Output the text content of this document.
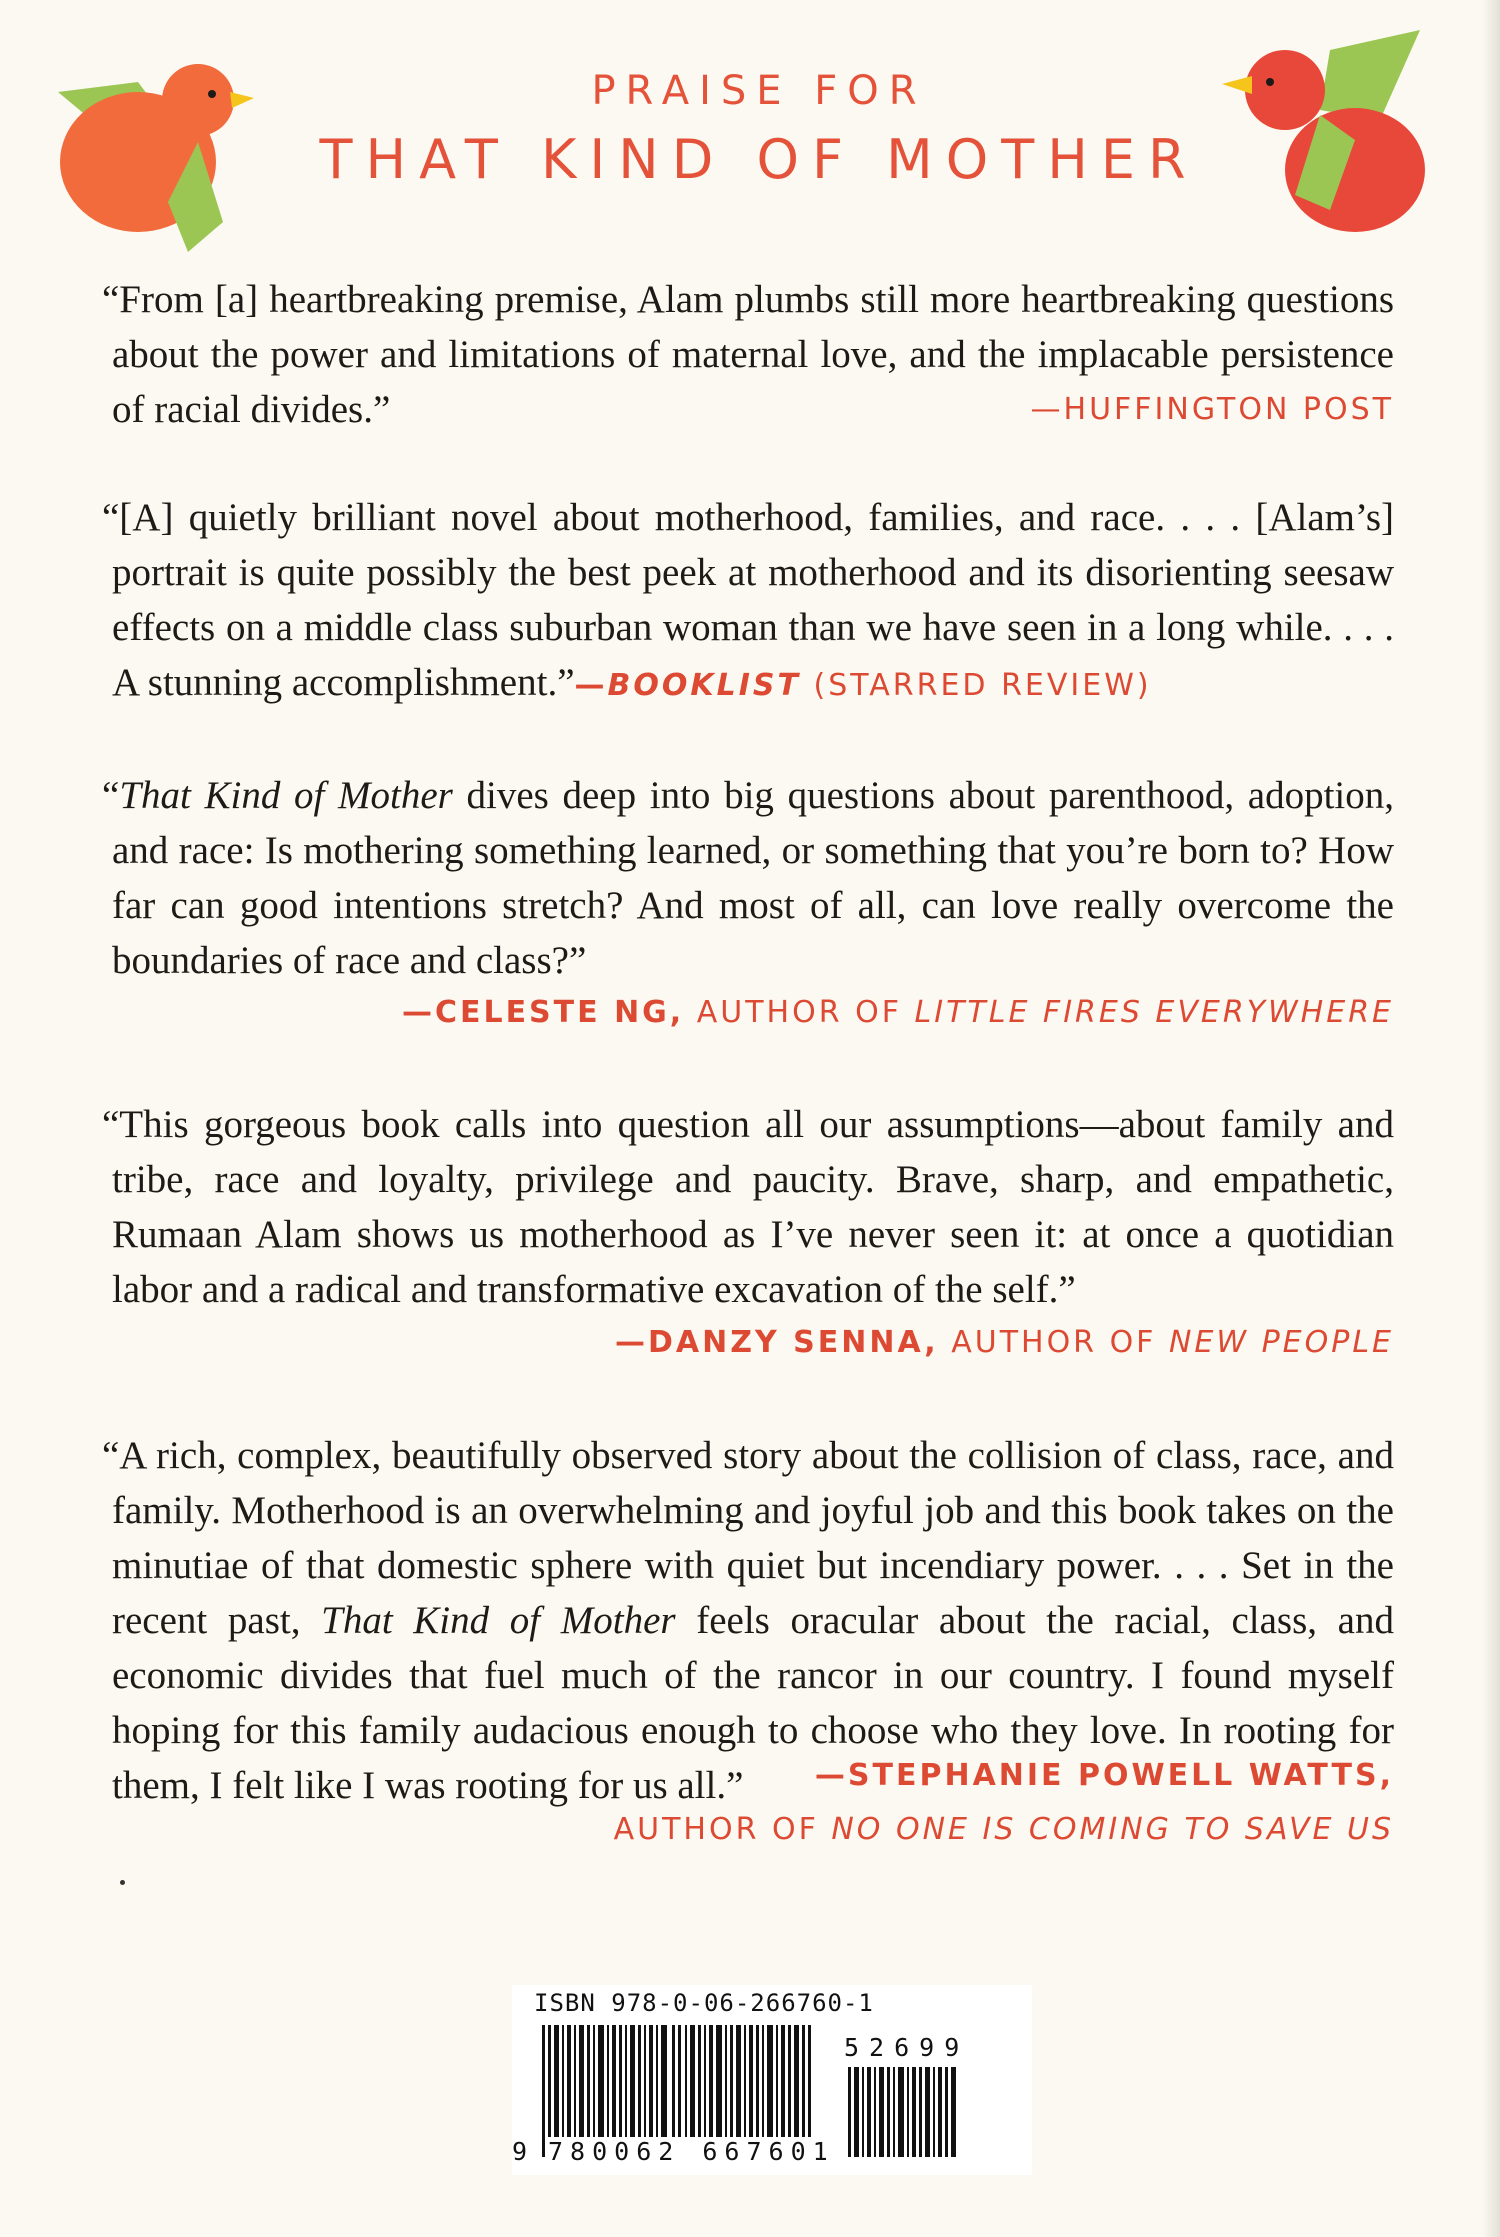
PRAISE FOR
THAT KIND OF MOTHER
“From [a] heartbreaking premise, Alam plumbs still more heartbreaking questions about the power and limitations of maternal love, and the implacable persistence of racial divides.”	—HUFFINGTON POST
“[A] quietly brilliant novel about motherhood, families, and race. . . . [Alam’s] portrait is quite possibly the best peek at motherhood and its disorienting seesaw effects on a middle class suburban woman than we have seen in a long while. . . . A stunning accomplishment.”—BOOKLIST (STARRED REVIEW)
“That Kind of Mother dives deep into big questions about parenthood, adoption, and race: Is mothering something learned, or something that you’re born to? How far can good intentions stretch? And most of all, can love really overcome the boundaries of race and class?”
—CELESTE NG, AUTHOR OF LITTLE FIRES EVERYWHERE
“This gorgeous book calls into question all our assumptions—about family and tribe, race and loyalty, privilege and paucity. Brave, sharp, and empathetic, Rumaan Alam shows us motherhood as I’ve never seen it: at once a quotidian labor and a radical and transformative excavation of the self.”
—DANZY SENNA, AUTHOR OF NEW PEOPLE
“A rich, complex, beautifully observed story about the collision of class, race, and family. Motherhood is an overwhelming and joyful job and this book takes on the minutiae of that domestic sphere with quiet but incendiary power. . . . Set in the recent past, That Kind of Mother feels oracular about the racial, class, and economic divides that fuel much of the rancor in our country. I found myself hoping for this family audacious enough to choose who they love. In rooting for them, I felt like I was rooting for us all.”
AUTHOR OF NO ONE IS COMING TO SAVE US
—STEPHANIE POWELL WATTS,
ISBN 978-0-06-266760-1
9 780062 667601
52699
